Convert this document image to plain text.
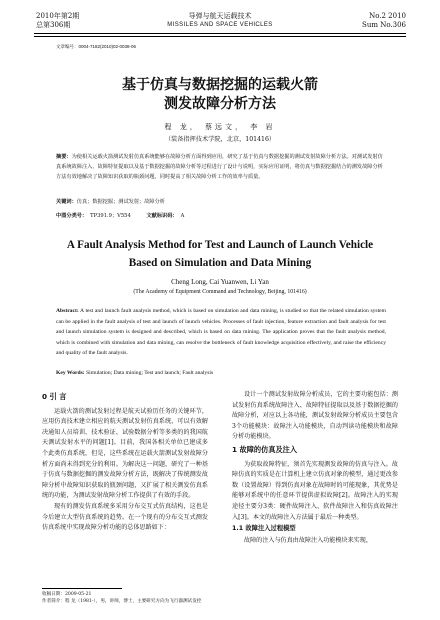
2010年第2期
总第306期
导弹与航天运载技术
MISSILES AND SPACE VEHICLES
No.2 2010
Sum No.306
文章编号：0004-7182(2010)02-0038-06
基于仿真与数据挖掘的运载火箭
测发故障分析方法
程 龙， 蔡远文， 李 岩
（装备指挥技术学院，北京，101416）
摘要：为使相关运载火箭测试发射仿真系统能够在故障分析方面得到应用，研究了基于仿真与数据挖掘的测试发射故障分析方法。对测试发射仿真系统故障注入、故障特征提取以及基于数据挖掘的故障分析等过程进行了设计与说明，实际应用证明，将仿真与数据挖掘结合的测发故障分析方法有效地解决了故障知识获取的瓶颈问题，同时提高了相关故障分析工作的效率与质量。
关键词：仿真；数据挖掘；测试发射；故障分析
中图分类号： TP391.9；V554	文献标识码： A
A Fault Analysis Method for Test and Launch of Launch Vehicle
Based on Simulation and Data Mining
Cheng Long, Cai Yuanwen, Li Yan
(The Academy of Equipment Command and Technology, Beijing, 101416)
Abstract: A test and launch fault analysis method, which is based on simulation and data mining, is studied so that the related simulation system can be applied in the fault analysis of test and launch of launch vehicles. Processes of fault injection, feature extraction and fault analysis for test and launch simulation system is designed and described, which is based on data mining. The application proves that the fault analysis method, which is combined with simulation and data mining, can resolve the bottleneck of fault knowledge acquisition effectively, and raise the efficiency and quality of the fault analysis.
Key Words: Simulation; Data mining; Test and launch; Fault analysis
0 引 言

运载火箭的测试发射过程是航天试验历任务的关键环节，应用仿真技术建立相应的航天测试发射仿真系统，可以有效解决通知人员培训、技术验证、试验数据分析等多类的的我国航天测试发射水平的问题[1]。目前，我国各相关单位已建成多个此类仿真系统，但是，这些系统在运载火箭测试发射故障分析方面尚未得到充分的利用。为解决这一问题，研究了一种基于仿真与数据挖掘的测发故障分析方法，既解决了传统测发故障分析中故障知识获取的瓶颈问题，又扩展了相关测发仿真系统的功能，为测试发射故障分析工作提供了有效的手段。

现有的测发仿真系统多采用分布交互式仿真结构，这也是今后建立大型仿真系统的趋势。在一个现有的分布交互式测发仿真系统中实现故障分析功能的总体思路如下：

设计一个测试发射故障分析成员，它的主要功能包括：测试发射仿真系统故障注入、故障特征提取以及基于数据挖掘的故障分析，对应以上各功能，测试发射故障分析成员主要包含3个功能模块：故障注入功能模块，自动判读功能模块和故障分析功能模块。

1 故障的仿真及注入

为获取故障特征，须首先实现测发故障的仿真与注入。故障仿真的实质是在计算机上建立仿真对象的模型，通过更改参数（设置故障）得到仿真对象在故障时的可能现象，其优势是能够对系统中的任意环节提供虚拟故障[2]。故障注入的实现途径主要分3类：硬件故障注入、软件故障注入和仿真故障注入[3]。本文的故障注入方法属于最后一种类型。

1.1 故障注入过程模型

故障的注入与仿真由故障注入功能模块来实现，

收稿日期：2009-05-21
作者简介：程 龙（1981-），男，讲师，博士，主要研究方向为飞行器测试发控
